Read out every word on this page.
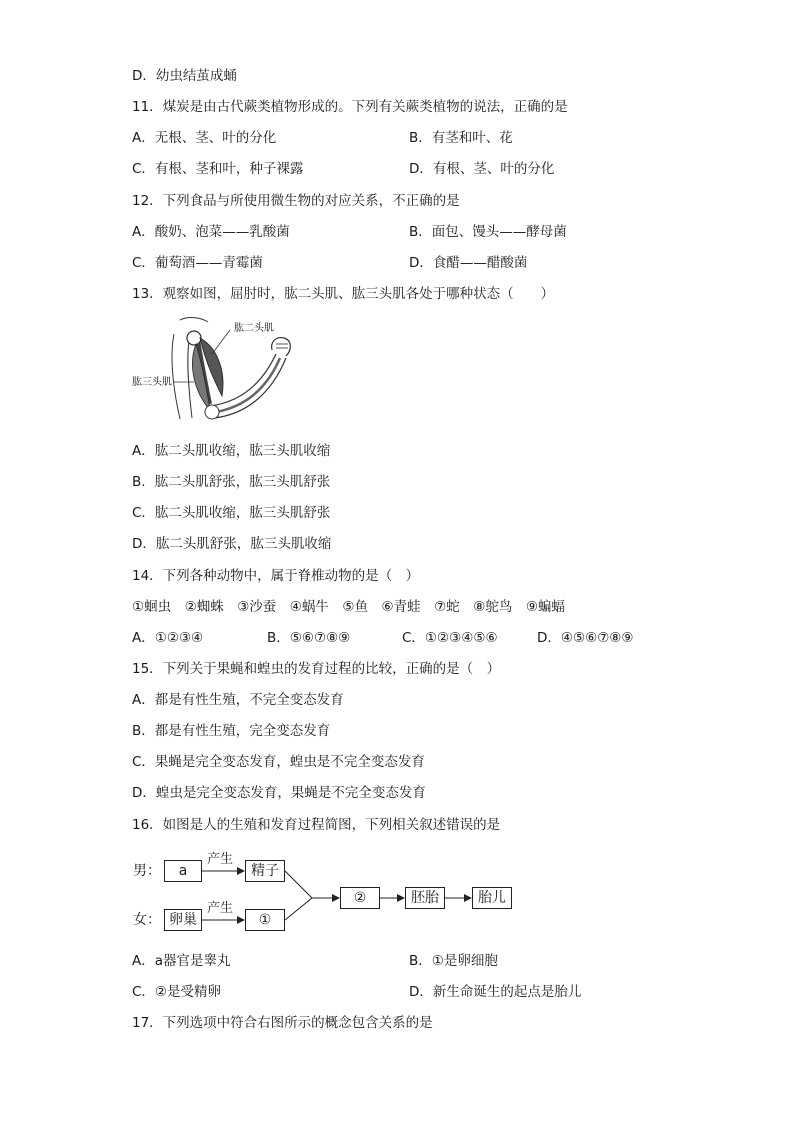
D．幼虫结茧成蛹
11．煤炭是由古代蕨类植物形成的。下列有关蕨类植物的说法，正确的是
A．无根、茎、叶的分化	B．有茎和叶、花
C．有根、茎和叶，种子裸露	D．有根、茎、叶的分化
12．下列食品与所使用微生物的对应关系，不正确的是
A．酸奶、泡菜——乳酸菌	B．面包、馒头——酵母菌
C．葡萄酒——青霉菌	D．食醋——醋酸菌
13．观察如图，屈肘时，肱二头肌、肱三头肌各处于哪种状态（　　）
肱二头肌
肱三头肌
A．肱二头肌收缩，肱三头肌收缩
B．肱二头肌舒张，肱三头肌舒张
C．肱二头肌收缩，肱三头肌舒张
D．肱二头肌舒张，肱三头肌收缩
14．下列各种动物中，属于脊椎动物的是（　）
①蛔虫　②蜘蛛　③沙蚕　④蜗牛　⑤鱼　⑥青蛙　⑦蛇　⑧鸵鸟　⑨蝙蝠
A．①②③④	B．⑤⑥⑦⑧⑨	C．①②③④⑤⑥	D．④⑤⑥⑦⑧⑨
15．下列关于果蝇和蝗虫的发育过程的比较，正确的是（　）
A．都是有性生殖，不完全变态发育
B．都是有性生殖，完全变态发育
C．果蝇是完全变态发育，蝗虫是不完全变态发育
D．蝗虫是完全变态发育，果蝇是不完全变态发育
16．如图是人的生殖和发育过程简图，下列相关叙述错误的是
男：
女：
a	精子
卵巢	①
②	胚胎	胎儿
产生
产生
A．a器官是睾丸	B．①是卵细胞
C．②是受精卵	D．新生命诞生的起点是胎儿
17．下列选项中符合右图所示的概念包含关系的是
